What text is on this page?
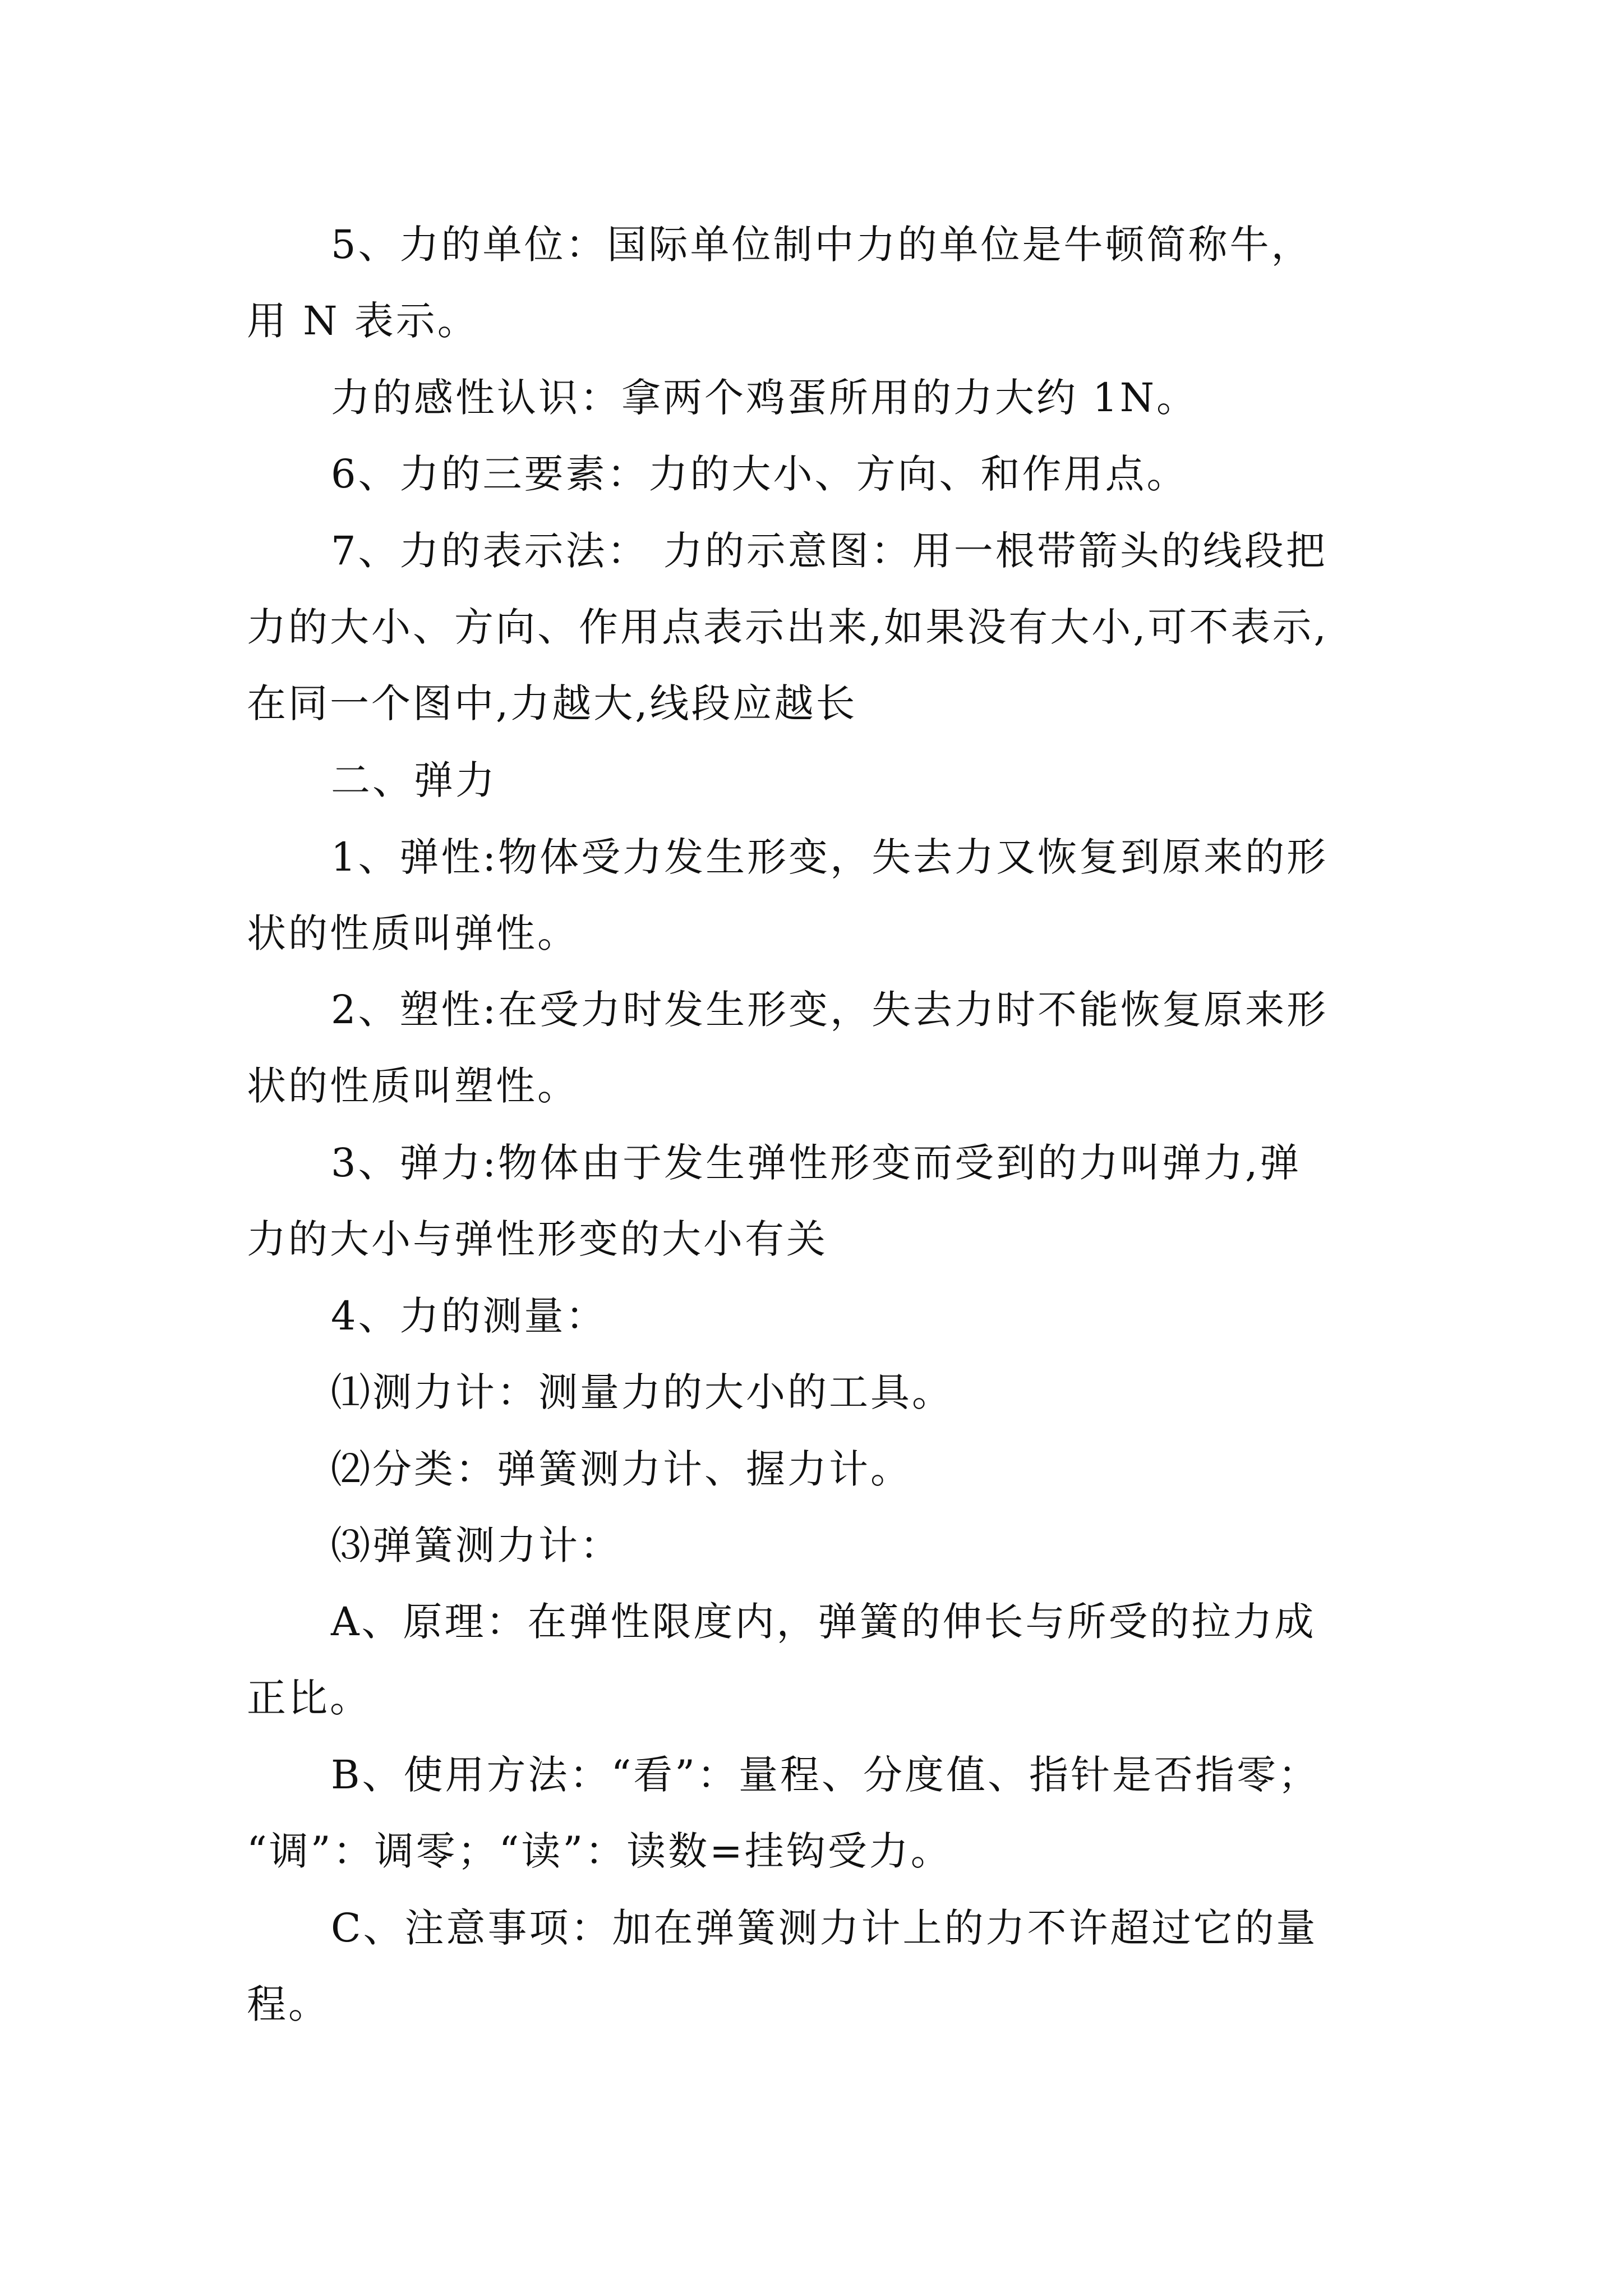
5、力的单位：国际单位制中力的单位是牛顿简称牛，
用 N 表示。

力的感性认识：拿两个鸡蛋所用的力大约 1N。

6、力的三要素：力的大小、方向、和作用点。

7、力的表示法： 力的示意图：用一根带箭头的线段把
力的大小、方向、作用点表示出来,如果没有大小,可不表示,
在同一个图中,力越大,线段应越长

二、弹力

1、弹性:物体受力发生形变，失去力又恢复到原来的形
状的性质叫弹性。

2、塑性:在受力时发生形变，失去力时不能恢复原来形
状的性质叫塑性。

3、弹力:物体由于发生弹性形变而受到的力叫弹力,弹
力的大小与弹性形变的大小有关

4、力的测量：

⑴测力计：测量力的大小的工具。

⑵分类：弹簧测力计、握力计。

⑶弹簧测力计：

A、原理：在弹性限度内，弹簧的伸长与所受的拉力成
正比。

B、使用方法：“看”：量程、分度值、指针是否指零；
“调”：调零；“读”：读数=挂钩受力。

C、注意事项：加在弹簧测力计上的力不许超过它的量
程。
